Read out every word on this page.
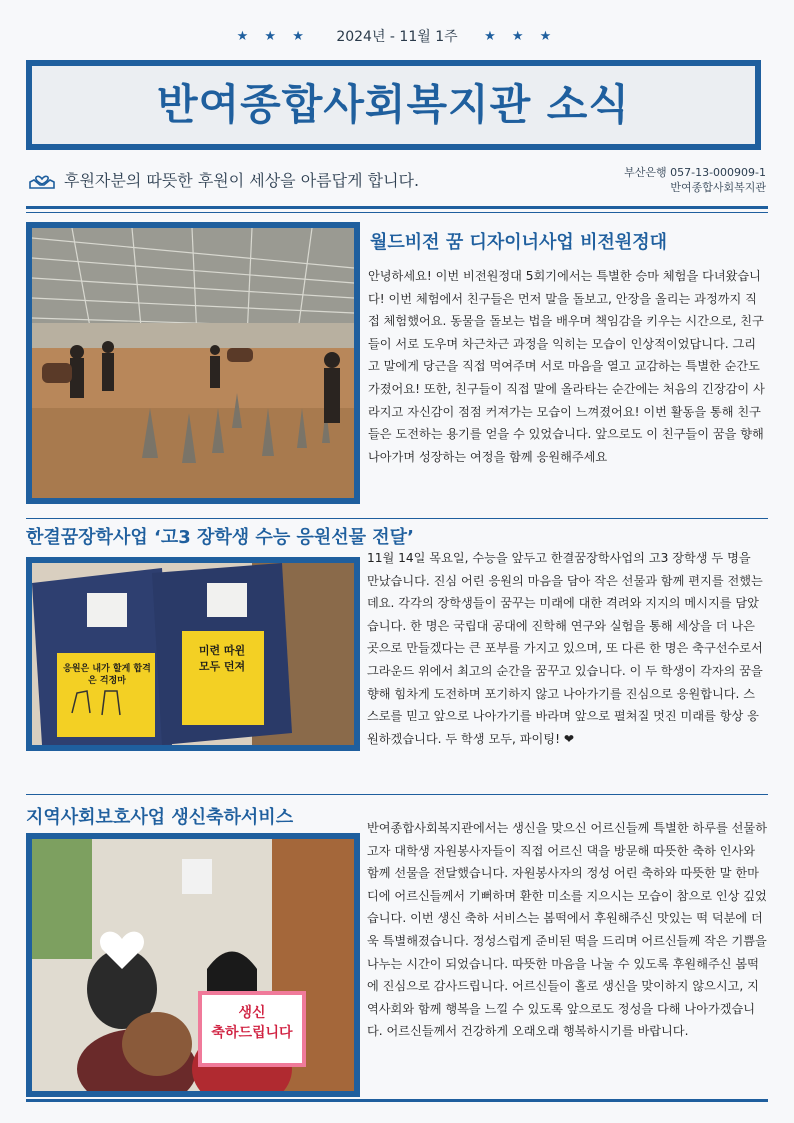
★ ★ ★ 2024년 - 11월 1주 ★ ★ ★
반여종합사회복지관 소식
후원자분의 따뜻한 후원이 세상을 아름답게 합니다.	부산은행 057-13-000909-1
반여종합사회복지관
월드비전 꿈 디자이너사업 비전원정대

안녕하세요! 이번 비전원정대 5회기에서는 특별한 승마 체험을 다녀왔습니다! 이번 체험에서 친구들은 먼저 말을 돌보고, 안장을 올리는 과정까지 직접 체험했어요. 동물을 돌보는 법을 배우며 책임감을 키우는 시간으로, 친구들이 서로 도우며 차근차근 과정을 익히는 모습이 인상적이었답니다. 그리고 말에게 당근을 직접 먹여주며 서로 마음을 열고 교감하는 특별한 순간도 가졌어요! 또한, 친구들이 직접 말에 올라타는 순간에는 처음의 긴장감이 사라지고 자신감이 점점 커져가는 모습이 느껴졌어요! 이번 활동을 통해 친구들은 도전하는 용기를 얻을 수 있었습니다. 앞으로도 이 친구들이 꿈을 향해 나아가며 성장하는 여정을 함께 응원해주세요

한결꿈장학사업 ‘고3 장학생 수능 응원선물 전달’
응원은 내가 할게 합격은 걱정마
미련 따윈 모두 던져

11월 14일 목요일, 수능을 앞두고 한결꿈장학사업의 고3 장학생 두 명을 만났습니다. 진심 어린 응원의 마음을 담아 작은 선물과 함께 편지를 전했는데요. 각각의 장학생들이 꿈꾸는 미래에 대한 격려와 지지의 메시지를 담았습니다. 한 명은 국립대 공대에 진학해 연구와 실험을 통해 세상을 더 나은 곳으로 만들겠다는 큰 포부를 가지고 있으며, 또 다른 한 명은 축구선수로서 그라운드 위에서 최고의 순간을 꿈꾸고 있습니다. 이 두 학생이 각자의 꿈을 향해 힘차게 도전하며 포기하지 않고 나아가기를 진심으로 응원합니다. 스스로를 믿고 앞으로 나아가기를 바라며 앞으로 펼쳐질 멋진 미래를 항상 응원하겠습니다. 두 학생 모두, 파이팅! ❤

지역사회보호사업 생신축하서비스
생신
축하드립니다

반여종합사회복지관에서는 생신을 맞으신 어르신들께 특별한 하루를 선물하고자 대학생 자원봉사자들이 직접 어르신 댁을 방문해 따뜻한 축하 인사와 함께 선물을 전달했습니다. 자원봉사자의 정성 어린 축하와 따뜻한 말 한마디에 어르신들께서 기뻐하며 환한 미소를 지으시는 모습이 참으로 인상 깊었습니다. 이번 생신 축하 서비스는 봄떡에서 후원해주신 맛있는 떡 덕분에 더욱 특별해졌습니다. 정성스럽게 준비된 떡을 드리며 어르신들께 작은 기쁨을 나누는 시간이 되었습니다. 따뜻한 마음을 나눌 수 있도록 후원해주신 봄떡에 진심으로 감사드립니다. 어르신들이 홀로 생신을 맞이하지 않으시고, 지역사회와 함께 행복을 느낄 수 있도록 앞으로도 정성을 다해 나아가겠습니다. 어르신들께서 건강하게 오래오래 행복하시기를 바랍니다.
